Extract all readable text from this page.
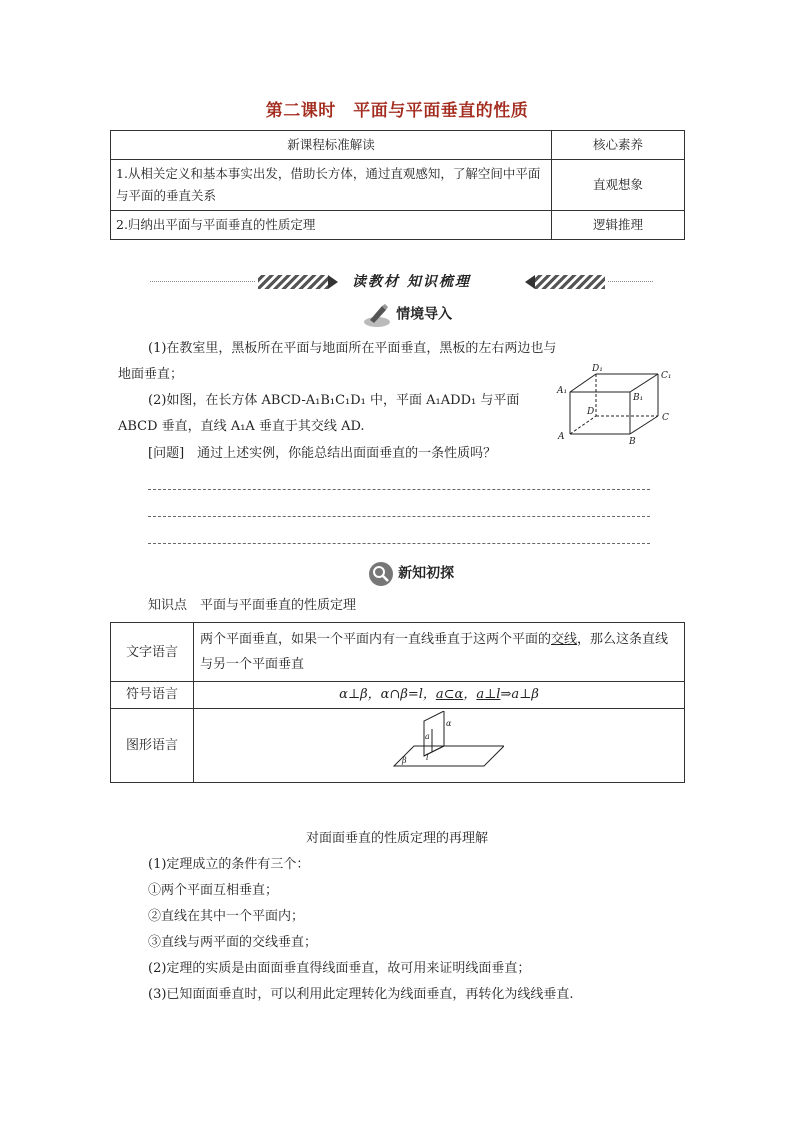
第二课时　平面与平面垂直的性质
新课程标准解读	核心素养
1.从相关定义和基本事实出发，借助长方体，通过直观感知，了解空间中平面与平面的垂直关系	直观想象
2.归纳出平面与平面垂直的性质定理	逻辑推理
读教材 知识梳理
情境导入
(1)在教室里，黑板所在平面与地面所在平面垂直，黑板的左右两边也与地面垂直；
(2)如图，在长方体 ABCD-A₁B₁C₁D₁ 中，平面 A₁ADD₁ 与平面 ABCD 垂直，直线 A₁A 垂直于其交线 AD.
[问题]　通过上述实例，你能总结出面面垂直的一条性质吗？
A	B
C
D
A₁
B₁
C₁
D₁
新知初探
知识点　平面与平面垂直的性质定理
文字语言	两个平面垂直，如果一个平面内有一直线垂直于这两个平面的交线，那么这条直线与另一个平面垂直
符号语言	α⊥β，α∩β=l，a⊂α，a⊥l⇒a⊥β
图形语言	α
β
a
l
对面面垂直的性质定理的再理解
(1)定理成立的条件有三个：
①两个平面互相垂直；
②直线在其中一个平面内；
③直线与两平面的交线垂直；
(2)定理的实质是由面面垂直得线面垂直，故可用来证明线面垂直；
(3)已知面面垂直时，可以利用此定理转化为线面垂直，再转化为线线垂直.
